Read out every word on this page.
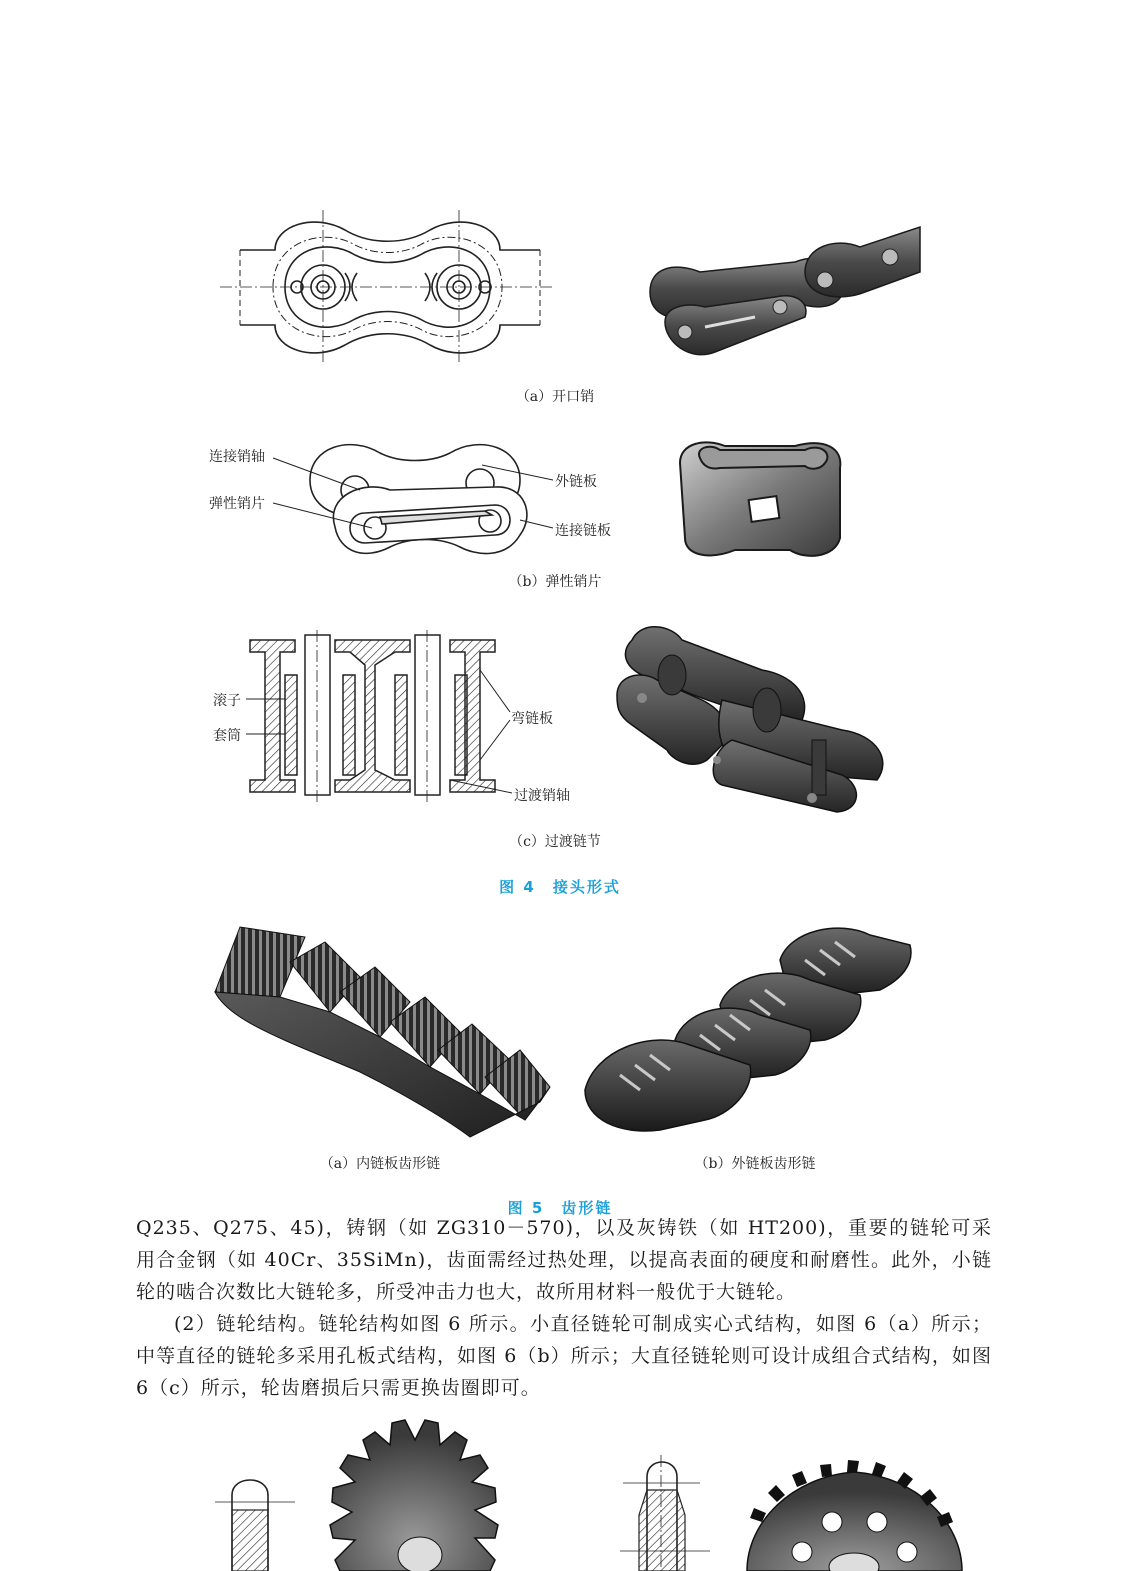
（a）开口销
连接销轴
弹性销片
外链板
连接链板
（b）弹性销片
滚子
套筒
弯链板
过渡销轴
（c）过渡链节
图 4　接头形式
（a）内链板齿形链	（b）外链板齿形链
图 5　齿形链

Q235、Q275、45)，铸钢（如 ZG310－570)，以及灰铸铁（如 HT200)，重要的链轮可采用合金钢（如 40Cr、35SiMn)，齿面需经过热处理，以提高表面的硬度和耐磨性。此外，小链轮的啮合次数比大链轮多，所受冲击力也大，故所用材料一般优于大链轮。

(2）链轮结构。链轮结构如图 6 所示。小直径链轮可制成实心式结构，如图 6（a）所示；中等直径的链轮多采用孔板式结构，如图 6（b）所示；大直径链轮则可设计成组合式结构，如图 6（c）所示，轮齿磨损后只需更换齿圈即可。
